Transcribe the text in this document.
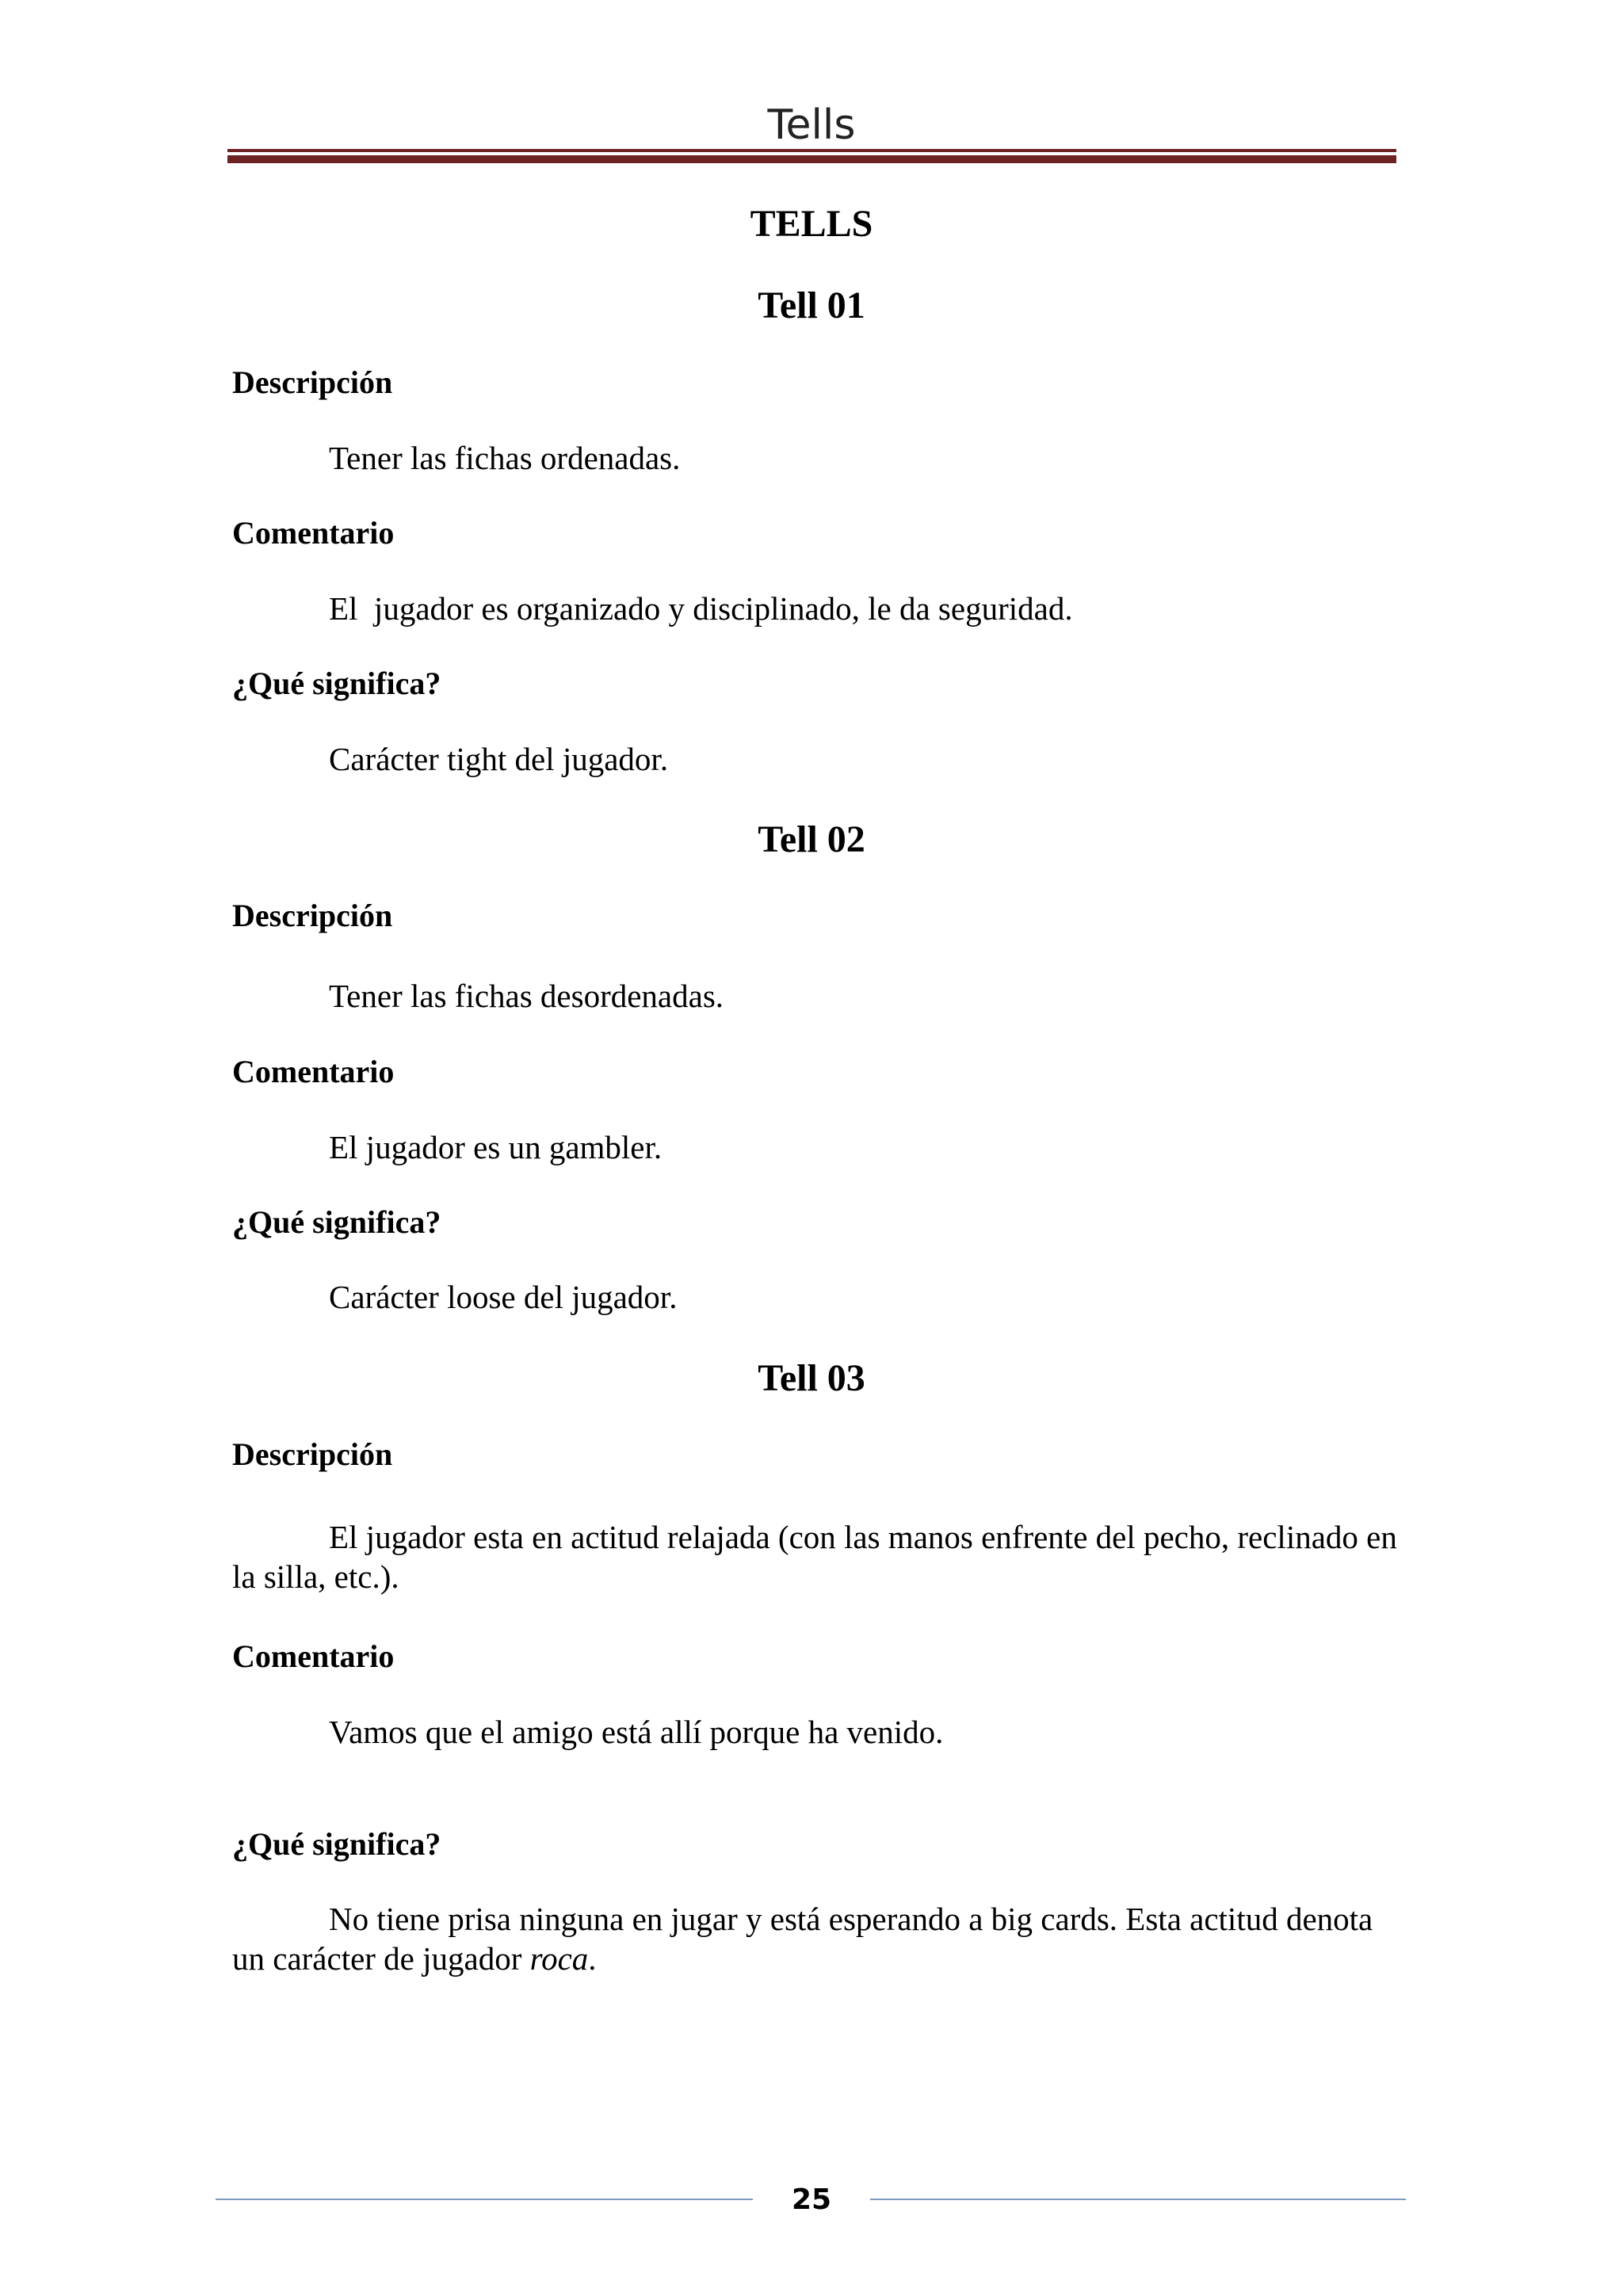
Tells
TELLS
Tell 01
Descripción
Tener las fichas ordenadas.
Comentario
El  jugador es organizado y disciplinado, le da seguridad.
¿Qué significa?
Carácter tight del jugador.
Tell 02
Descripción
Tener las fichas desordenadas.
Comentario
El jugador es un gambler.
¿Qué significa?
Carácter loose del jugador.
Tell 03
Descripción
El jugador esta en actitud relajada (con las manos enfrente del pecho, reclinado en la silla, etc.).
Comentario
Vamos que el amigo está allí porque ha venido.
¿Qué significa?
No tiene prisa ninguna en jugar y está esperando a big cards. Esta actitud denota un carácter de jugador roca.
25
